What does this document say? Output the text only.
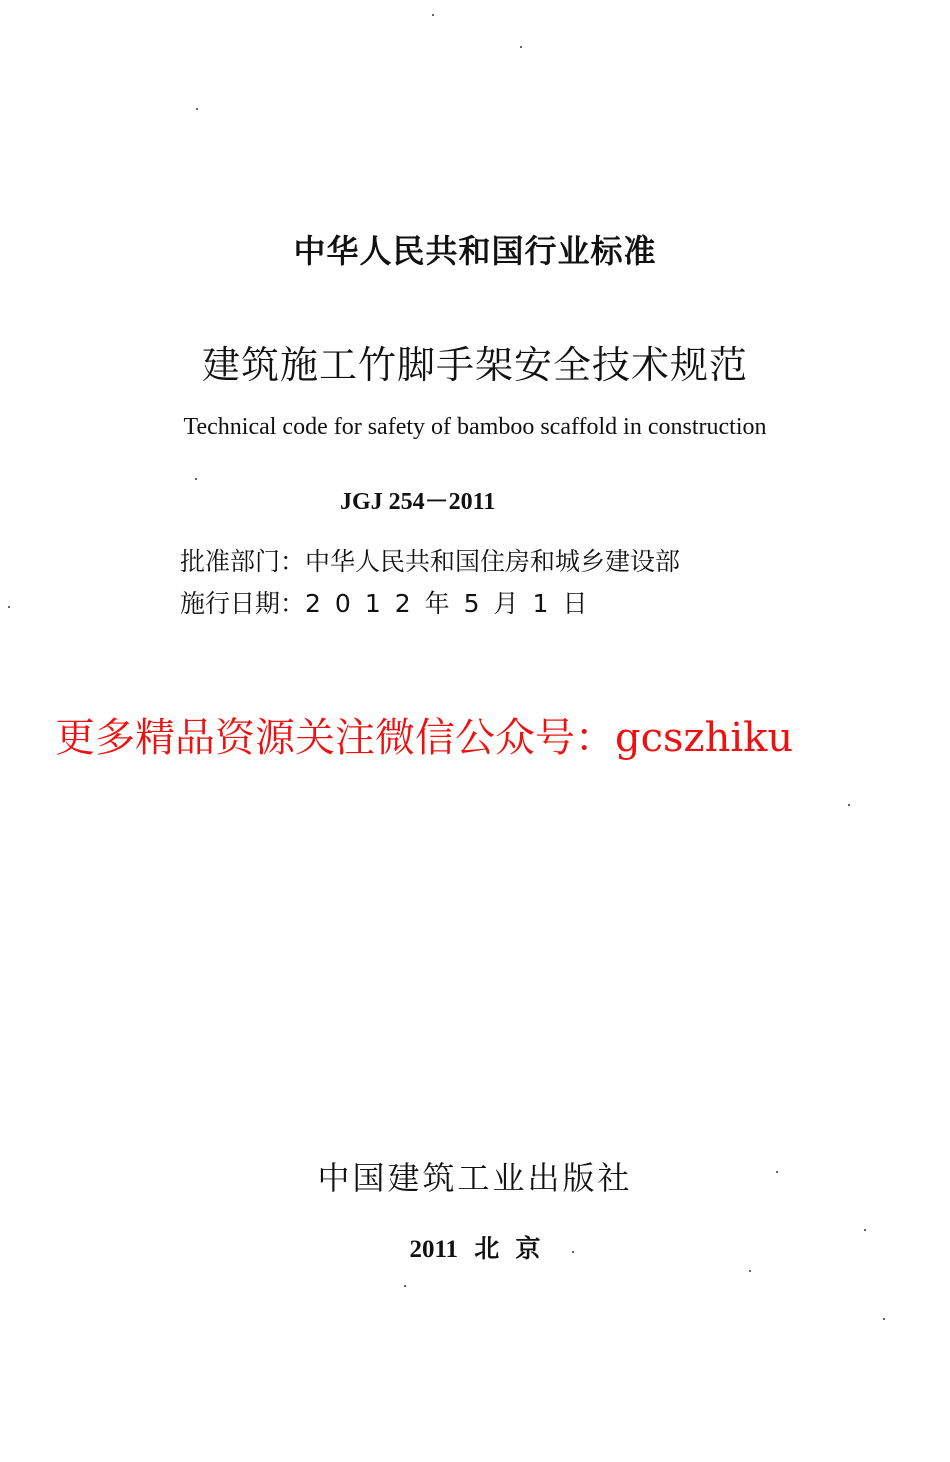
中华人民共和国行业标准
建筑施工竹脚手架安全技术规范
Technical code for safety of bamboo scaffold in construction
JGJ 254－2011
批准部门：中华人民共和国住房和城乡建设部
施行日期：2012年5月1日
更多精品资源关注微信公众号：gcszhiku
中国建筑工业出版社
2011 北 京
